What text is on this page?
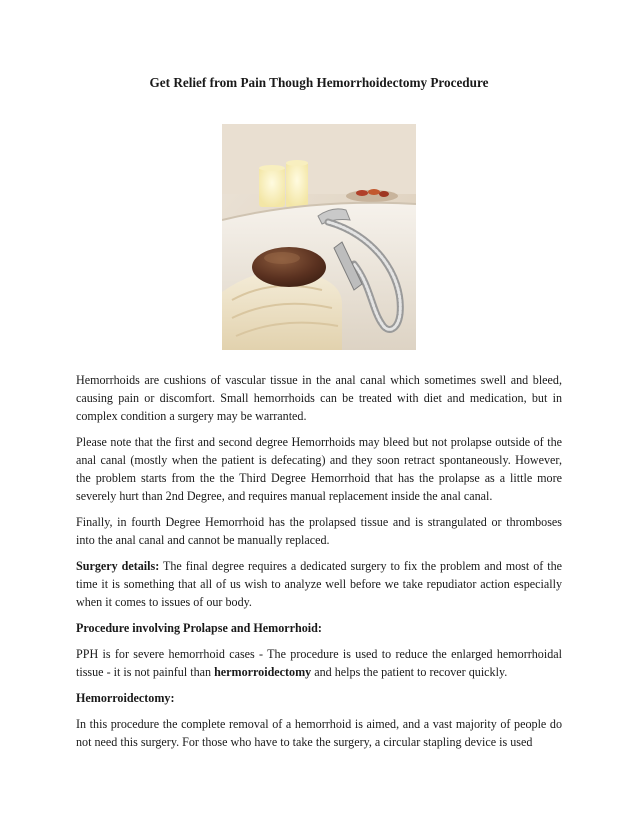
Get Relief from Pain Though Hemorrhoidectomy Procedure

Hemorrhoids are cushions of vascular tissue in the anal canal which sometimes swell and bleed, causing pain or discomfort. Small hemorrhoids can be treated with diet and medication, but in complex condition a surgery may be warranted.

Please note that the first and second degree Hemorrhoids may bleed but not prolapse outside of the anal canal (mostly when the patient is defecating) and they soon retract spontaneously. However, the problem starts from the the Third Degree Hemorrhoid that has the prolapse as a little more severely hurt than 2nd Degree, and requires manual replacement inside the anal canal.

Finally, in fourth Degree Hemorrhoid has the prolapsed tissue and is strangulated or thromboses into the anal canal and cannot be manually replaced.

Surgery details: The final degree requires a dedicated surgery to fix the problem and most of the time it is something that all of us wish to analyze well before we take repudiator action especially when it comes to issues of our body.

Procedure involving Prolapse and Hemorrhoid:

PPH is for severe hemorrhoid cases - The procedure is used to reduce the enlarged hemorrhoidal tissue - it is not painful than hermorroidectomy and helps the patient to recover quickly.

Hemorroidectomy:

In this procedure the complete removal of a hemorrhoid is aimed, and a vast majority of people do not need this surgery. For those who have to take the surgery, a circular stapling device is used
